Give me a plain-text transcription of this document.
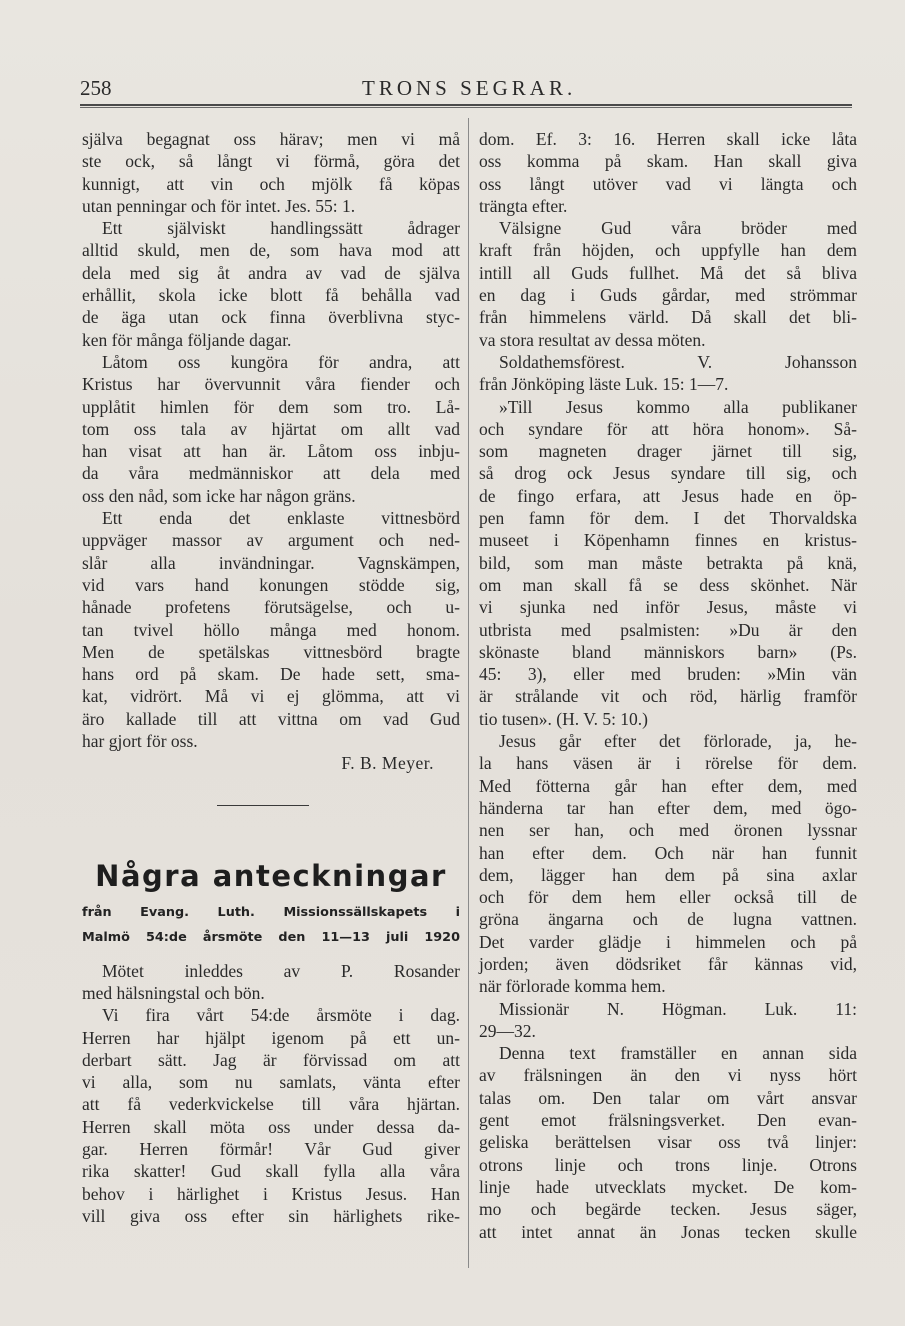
258	TRONS SEGRAR.
själva begagnat oss härav; men vi må
ste ock, så långt vi förmå, göra det
kunnigt, att vin och mjölk få köpas
utan penningar och för intet. Jes. 55: 1.
Ett själviskt handlingssätt ådrager
alltid skuld, men de, som hava mod att
dela med sig åt andra av vad de själva
erhållit, skola icke blott få behålla vad
de äga utan ock finna överblivna styc-
ken för många följande dagar.
Låtom oss kungöra för andra, att
Kristus har övervunnit våra fiender och
upplåtit himlen för dem som tro. Lå-
tom oss tala av hjärtat om allt vad
han visat att han är. Låtom oss inbju-
da våra medmänniskor att dela med
oss den nåd, som icke har någon gräns.
Ett enda det enklaste vittnesbörd
uppväger massor av argument och ned-
slår alla invändningar. Vagnskämpen,
vid vars hand konungen stödde sig,
hånade profetens förutsägelse, och u-
tan tvivel höllo många med honom.
Men de spetälskas vittnesbörd bragte
hans ord på skam. De hade sett, sma-
kat, vidrört. Må vi ej glömma, att vi
äro kallade till att vittna om vad Gud
har gjort för oss.
F. B. Meyer.
Några anteckningar
från Evang. Luth. Missionssällskapets i
Malmö 54:de årsmöte den 11—13 juli 1920
Mötet inleddes av P. Rosander
med hälsningstal och bön.
Vi fira vårt 54:de årsmöte i dag.
Herren har hjälpt igenom på ett un-
derbart sätt. Jag är förvissad om att
vi alla, som nu samlats, vänta efter
att få vederkvickelse till våra hjärtan.
Herren skall möta oss under dessa da-
gar. Herren förmår! Vår Gud giver
rika skatter! Gud skall fylla alla våra
behov i härlighet i Kristus Jesus. Han
vill giva oss efter sin härlighets rike-
dom. Ef. 3: 16. Herren skall icke låta
oss komma på skam. Han skall giva
oss långt utöver vad vi längta och
trängta efter.
Välsigne Gud våra bröder med
kraft från höjden, och uppfylle han dem
intill all Guds fullhet. Må det så bliva
en dag i Guds gårdar, med strömmar
från himmelens värld. Då skall det bli-
va stora resultat av dessa möten.
Soldathemsförest. V. Johansson
från Jönköping läste Luk. 15: 1—7.
»Till Jesus kommo alla publikaner
och syndare för att höra honom». Så-
som magneten drager järnet till sig,
så drog ock Jesus syndare till sig, och
de fingo erfara, att Jesus hade en öp-
pen famn för dem. I det Thorvaldska
museet i Köpenhamn finnes en kristus-
bild, som man måste betrakta på knä,
om man skall få se dess skönhet. När
vi sjunka ned inför Jesus, måste vi
utbrista med psalmisten: »Du är den
skönaste bland människors barn» (Ps.
45: 3), eller med bruden: »Min vän
är strålande vit och röd, härlig framför
tio tusen». (H. V. 5: 10.)
Jesus går efter det förlorade, ja, he-
la hans väsen är i rörelse för dem.
Med fötterna går han efter dem, med
händerna tar han efter dem, med ögo-
nen ser han, och med öronen lyssnar
han efter dem. Och när han funnit
dem, lägger han dem på sina axlar
och för dem hem eller också till de
gröna ängarna och de lugna vattnen.
Det varder glädje i himmelen och på
jorden; även dödsriket får kännas vid,
när förlorade komma hem.
Missionär N. Högman. Luk. 11:
29—32.
Denna text framställer en annan sida
av frälsningen än den vi nyss hört
talas om. Den talar om vårt ansvar
gent emot frälsningsverket. Den evan-
geliska berättelsen visar oss två linjer:
otrons linje och trons linje. Otrons
linje hade utvecklats mycket. De kom-
mo och begärde tecken. Jesus säger,
att intet annat än Jonas tecken skulle
